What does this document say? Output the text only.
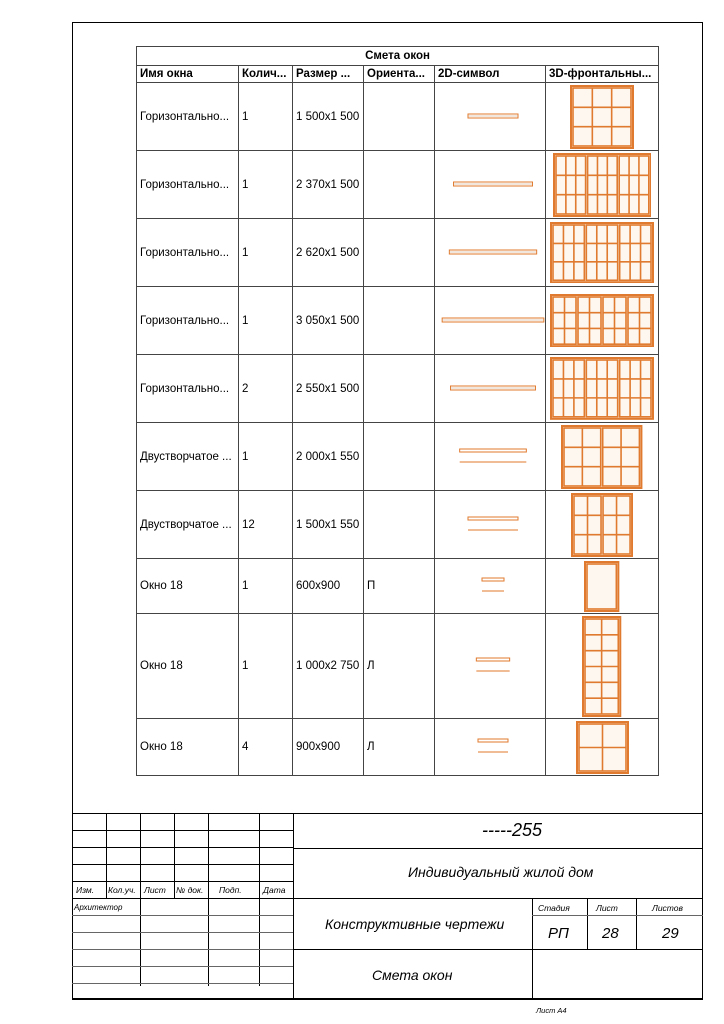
Смета окон					
Имя окна	Колич...	Размер ...	Ориента...	2D-символ	3D-фронтальны...
Горизонтально...	1	1 500x1 500		

Горизонтально...	1	2 370x1 500		

Горизонтально...	1	2 620x1 500		

Горизонтально...	1	3 050x1 500		

Горизонтально...	2	2 550x1 500		

Двустворчатое ...	1	2 000x1 550		

Двустворчатое ...	12	1 500x1 550		

Окно 18	1	600x900	П	

Окно 18	1	1 000x2 750	Л	

Окно 18	4	900x900	Л	

Изм. Кол.уч. Лист № док. Подп.	Дата
Архитектор
-----255
Индивидуальный жилой дом
Конструктивные чертежи
Смета окон
Стадия	Лист	Листов
РП 28	29
Лист А4
